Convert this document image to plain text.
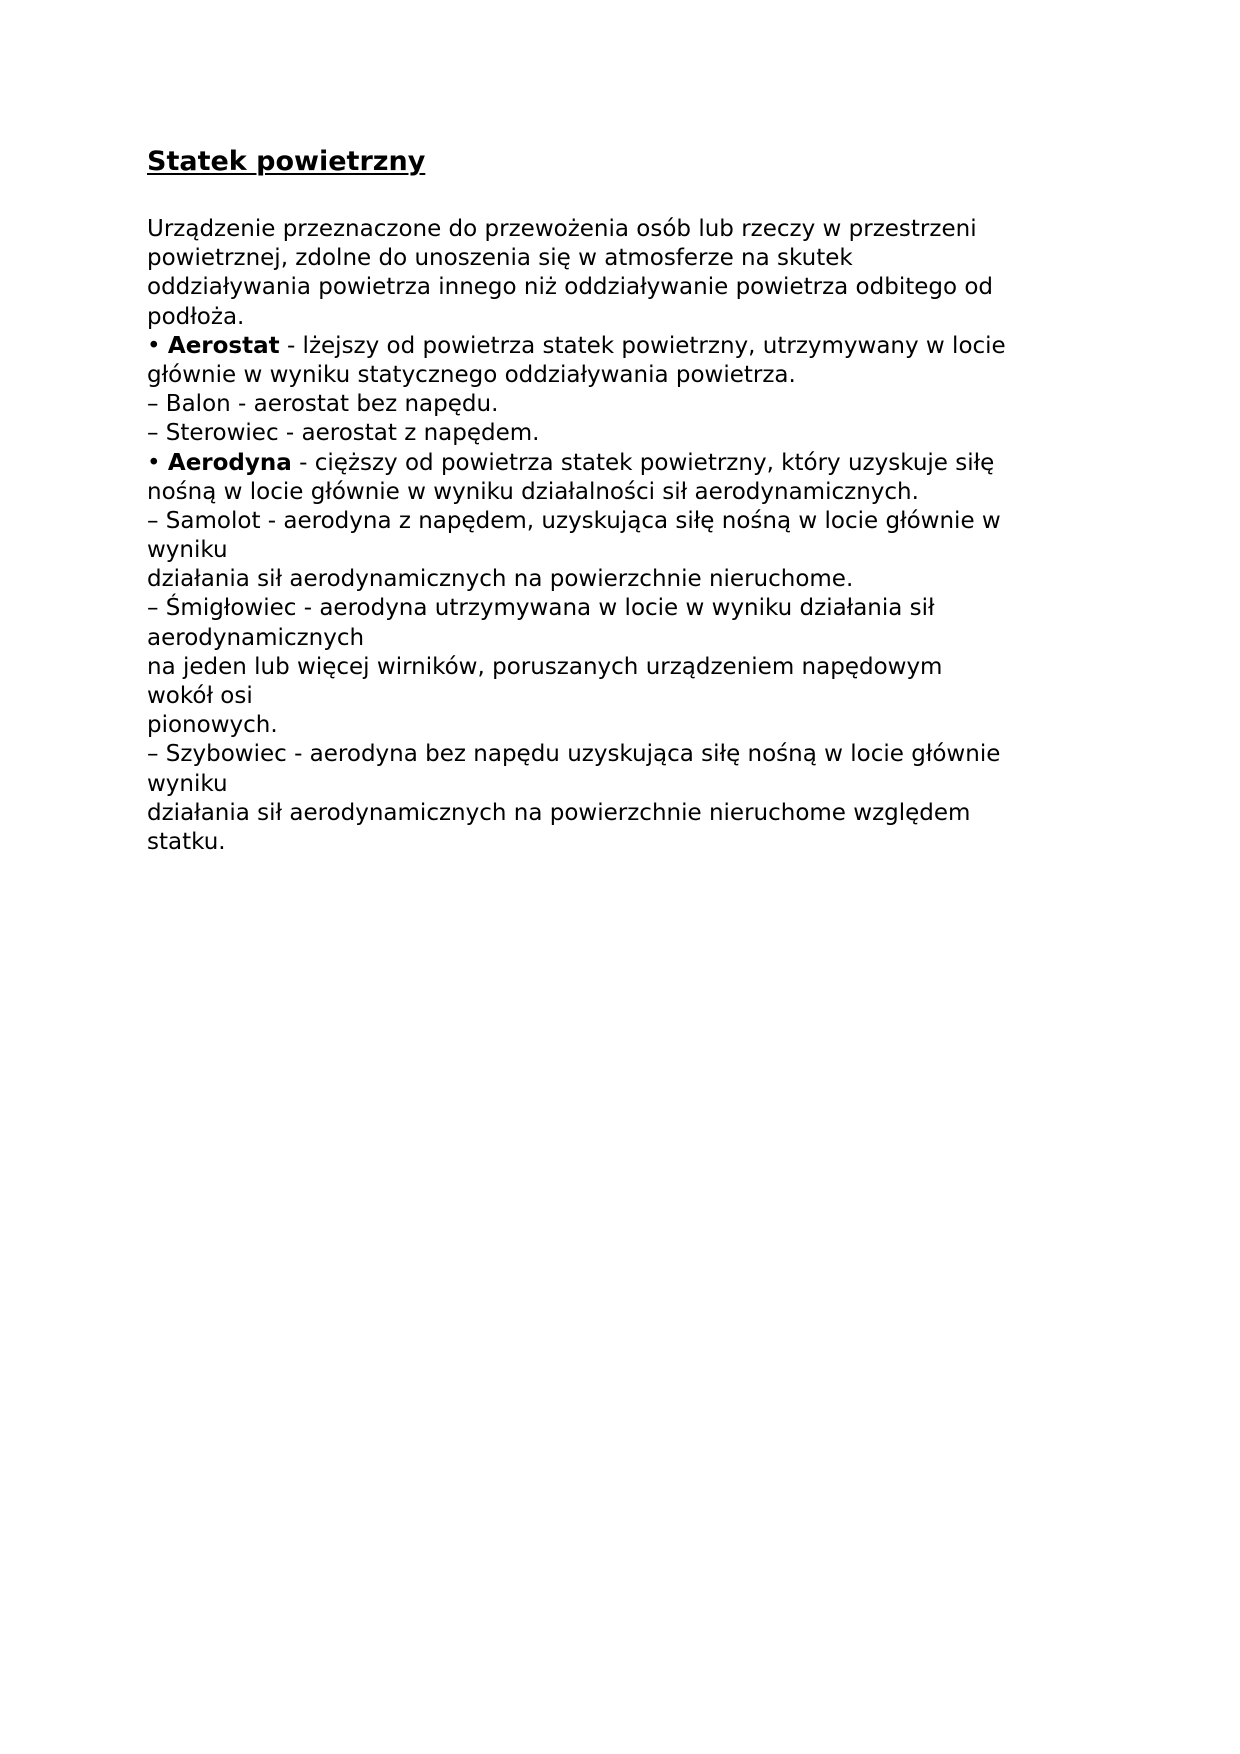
Statek powietrzny
Urządzenie przeznaczone do przewożenia osób lub rzeczy w przestrzeni
powietrznej, zdolne do unoszenia się w atmosferze na skutek
oddziaływania powietrza innego niż oddziaływanie powietrza odbitego od
podłoża.
• Aerostat - lżejszy od powietrza statek powietrzny, utrzymywany w locie
głównie w wyniku statycznego oddziaływania powietrza.
– Balon - aerostat bez napędu.
– Sterowiec - aerostat z napędem.
• Aerodyna - cięższy od powietrza statek powietrzny, który uzyskuje siłę
nośną w locie głównie w wyniku działalności sił aerodynamicznych.
– Samolot - aerodyna z napędem, uzyskująca siłę nośną w locie głównie w
wyniku
działania sił aerodynamicznych na powierzchnie nieruchome.
– Śmigłowiec - aerodyna utrzymywana w locie w wyniku działania sił
aerodynamicznych
na jeden lub więcej wirników, poruszanych urządzeniem napędowym
wokół osi
pionowych.
– Szybowiec - aerodyna bez napędu uzyskująca siłę nośną w locie głównie
wyniku
działania sił aerodynamicznych na powierzchnie nieruchome względem
statku.
